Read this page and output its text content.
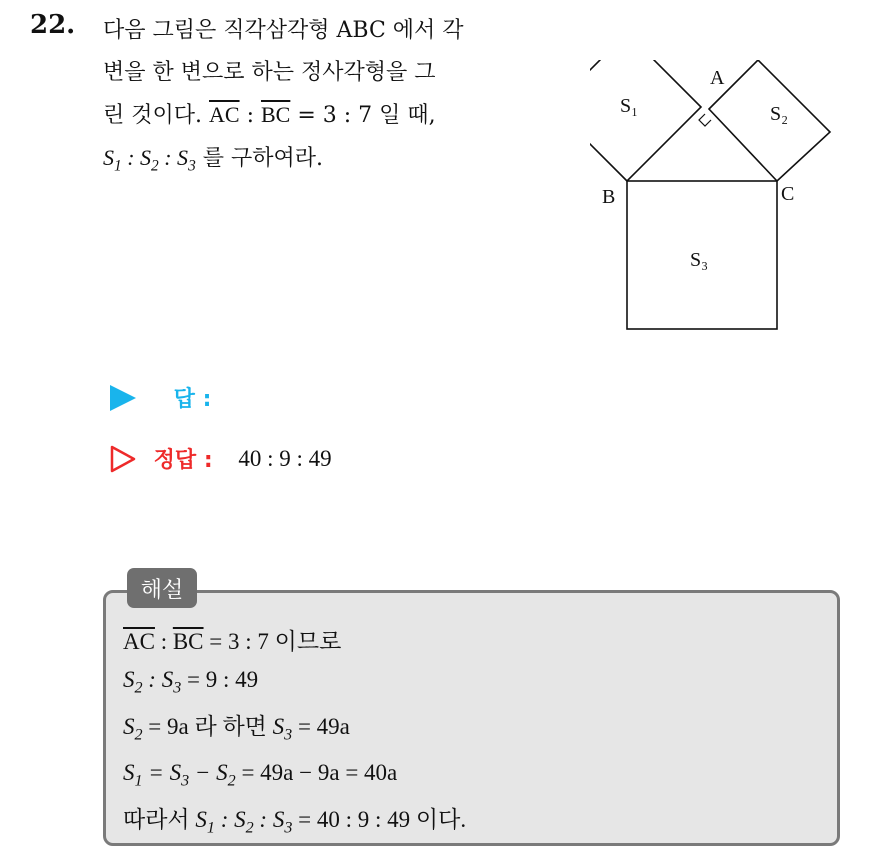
22. 다음 그림은 직각삼각형 ABC 에서 각
변을 한 변으로 하는 정사각형을 그
린 것이다. $\overline{AC}$ : $\overline{BC} = 3$ : 7 일 때,
$S_1$ : $S_2$ : $S_3$ 를 구하여라.
A
B	C
S₁	S₂
S₃
답 :
정답 : 40 : 9 : 49
해설
$\overline{AC}$ : $\overline{BC} = 3$ : 7 이므로
$S_2$ : $S_3 = 9$ : 49
$S_2 = 9a$ 라 하면 $S_3 = 49a$
$S_1 = S_3 - S_2 = 49a - 9a = 40a$
따라서 $S_1$ : $S_2$ : $S_3 = 40$ : 9 : 49 이다.
